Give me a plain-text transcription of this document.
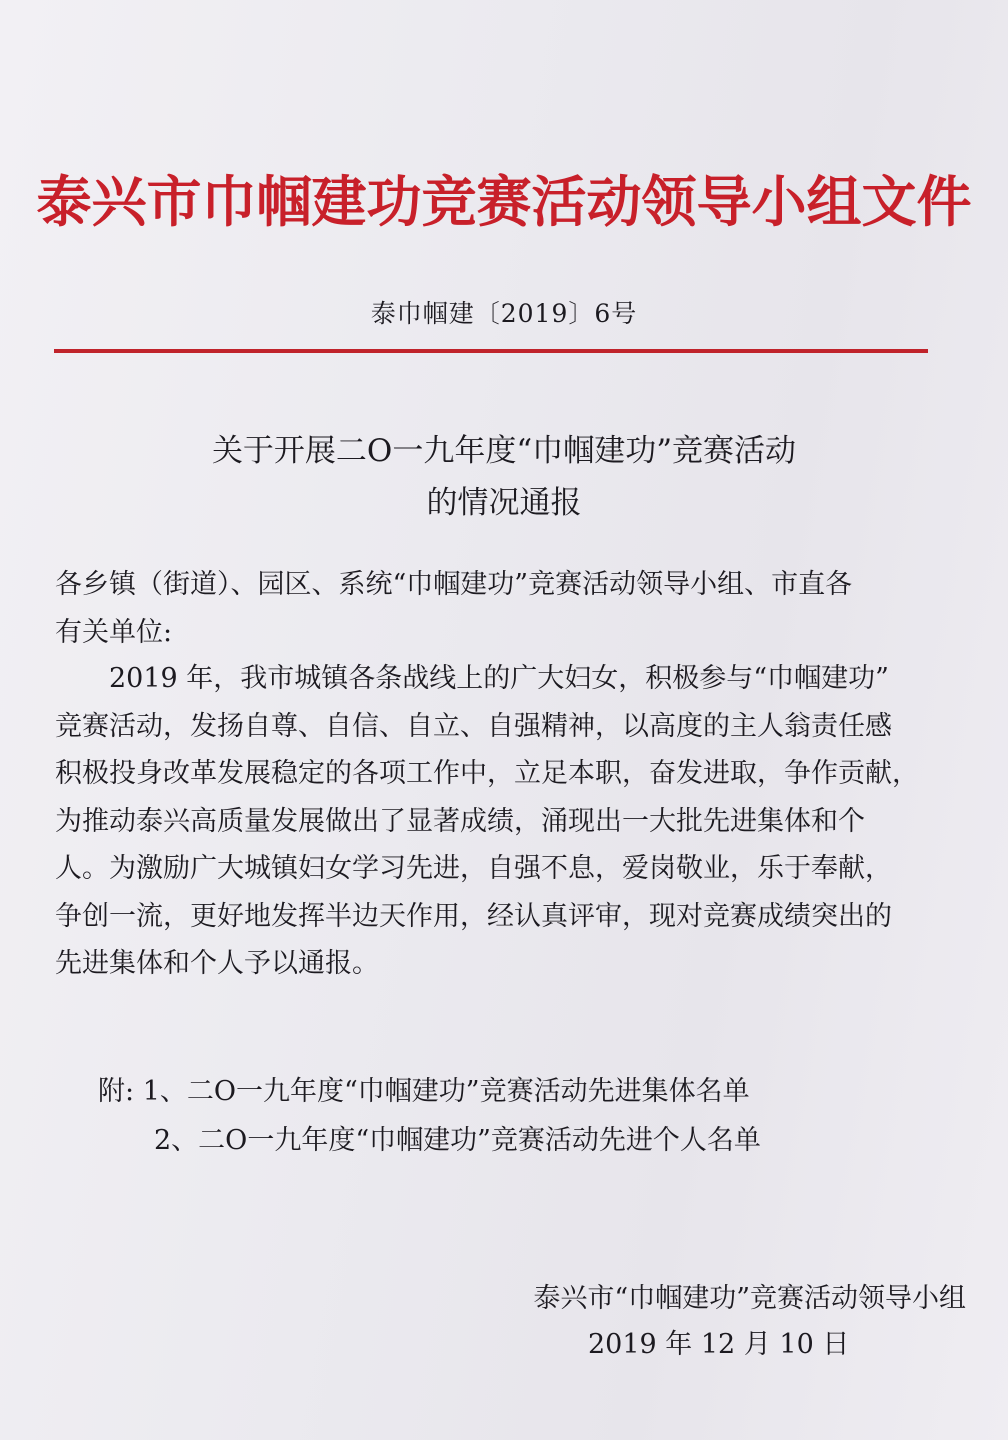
泰兴市巾帼建功竞赛活动领导小组文件
泰巾帼建〔2019〕6号
关于开展二O一九年度“巾帼建功”竞赛活动
的情况通报
各乡镇（街道）、园区、系统“巾帼建功”竞赛活动领导小组、市直各
有关单位:
　　2019 年，我市城镇各条战线上的广大妇女，积极参与“巾帼建功”
竞赛活动，发扬自尊、自信、自立、自强精神，以高度的主人翁责任感
积极投身改革发展稳定的各项工作中，立足本职，奋发进取，争作贡献，
为推动泰兴高质量发展做出了显著成绩，涌现出一大批先进集体和个
人。为激励广大城镇妇女学习先进，自强不息，爱岗敬业，乐于奉献，
争创一流，更好地发挥半边天作用，经认真评审，现对竞赛成绩突出的
先进集体和个人予以通报。
附: 1、二O一九年度“巾帼建功”竞赛活动先进集体名单
2、二O一九年度“巾帼建功”竞赛活动先进个人名单
泰兴市“巾帼建功”竞赛活动领导小组
2019 年 12 月 10 日
